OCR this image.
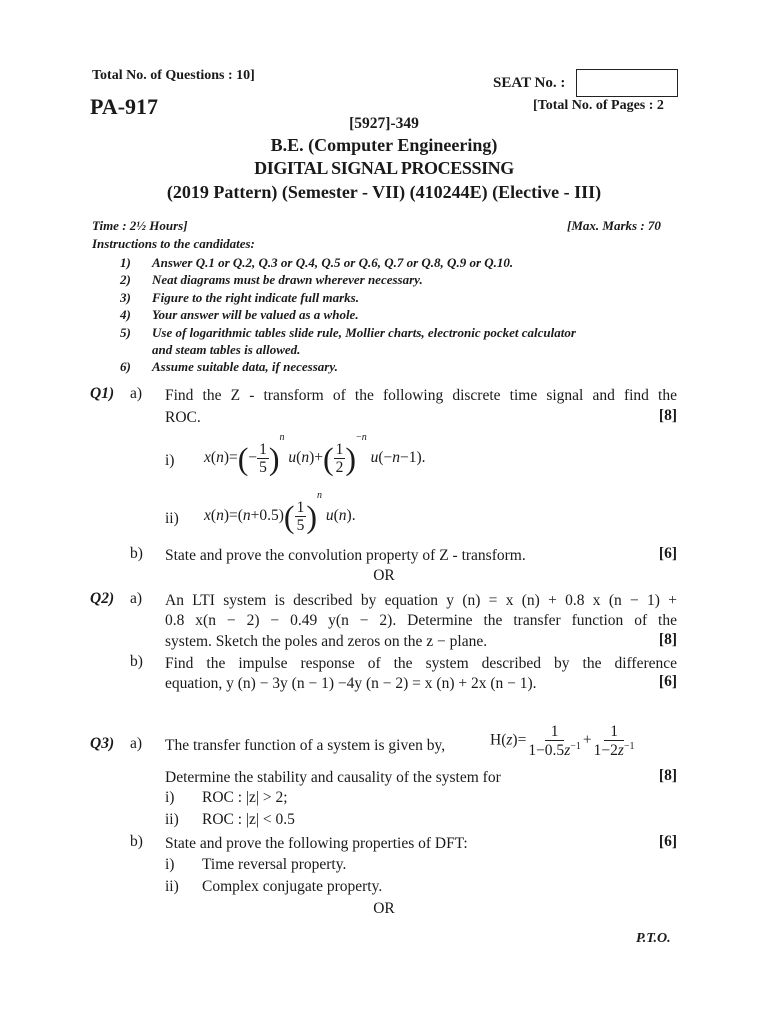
Total No. of Questions : 10]	SEAT No. :
PA-917	[Total No. of Pages : 2
[5927]-349
B.E. (Computer Engineering)
DIGITAL SIGNAL PROCESSING
(2019 Pattern) (Semester - VII) (410244E) (Elective - III)
Time : 2½ Hours]	[Max. Marks : 70
Instructions to the candidates:
1)	Answer Q.1 or Q.2, Q.3 or Q.4, Q.5 or Q.6, Q.7 or Q.8, Q.9 or Q.10.
2)	Neat diagrams must be drawn wherever necessary.
3)	Figure to the right indicate full marks.
4)	Your answer will be valued as a whole.
5)	Use of logarithmic tables slide rule, Mollier charts, electronic pocket calculator
and steam tables is allowed.
6)	Assume suitable data, if necessary.
Q1) a) Find the Z - transform of the following discrete time signal and find the
ROC.	[8]
i) $x(n)=(- \frac{1}{5} )^n$ $u(n)+( \frac{1}{2} )^{-n}$ u(−n−1).
ii) $x(n)=(n+0.5)( \frac{1}{5} )^n$ u(n).
b) State and prove the convolution property of Z - transform.	[6]
OR
Q2) a) An LTI system is described by equation y (n) = x (n) + 0.8 x (n − 1) +
0.8 x(n − 2) − 0.49 y(n − 2). Determine the transfer function of the
system. Sketch the poles and zeros on the z − plane.	[8]
b) Find the impulse response of the system described by the difference
equation, y (n) − 3y (n − 1) −4y (n − 2) = x (n) + 2x (n − 1).	[6]
Q3) a) The transfer function of a system is given by,	$H(z)= \frac{1}{1-0.5z^{-1}} + \frac{1}{1-2z^{-1}}$
Determine the stability and causality of the system for	[8]
i) ROC : |z| > 2;
ii) ROC : |z| < 0.5
b) State and prove the following properties of DFT:	[6]
i) Time reversal property.
ii) Complex conjugate property.
OR
P.T.O.
